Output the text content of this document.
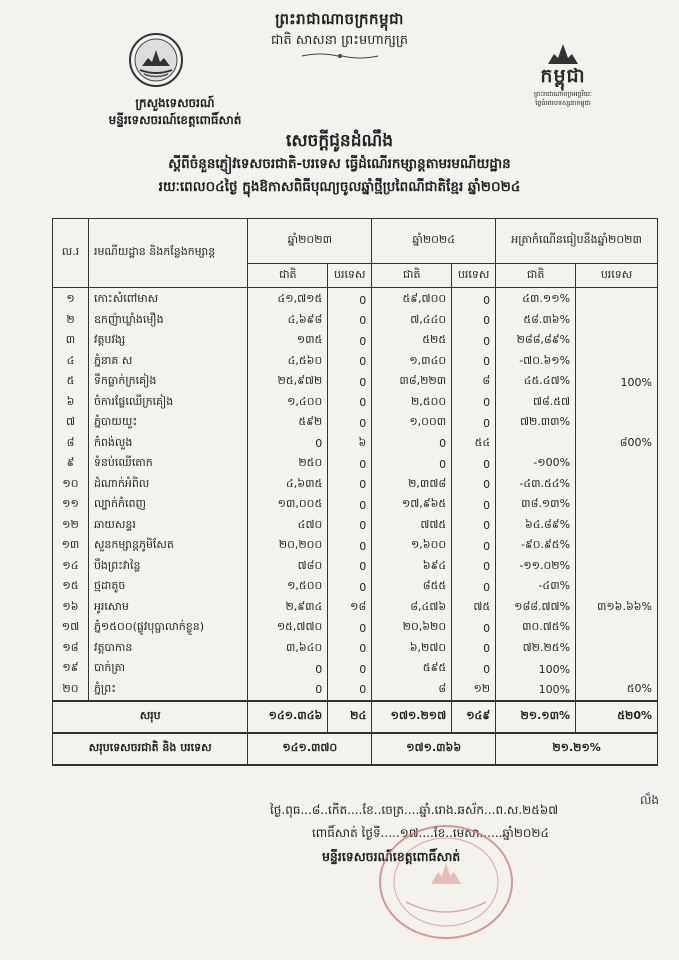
ព្រះរាជាណាចក្រកម្ពុជា
ជាតិ សាសនា ព្រះមហាក្សត្រ
ក្រសួងទេសចរណ៍
មន្ទីរទេសចរណ៍ខេត្តពោធិ៍សាត់
កម្ពុជា
ព្រះរាជាណាចក្រអច្ឆរិយៈ
ថ្លៃធំពេលទស្សនាកម្ពុជា
សេចក្តីជូនដំណឹង
ស្តីពីចំនួនភ្ញៀវទេសចរជាតិ-បរទេស ធ្វើដំណើរកម្សាន្តតាមរមណីយដ្ឋាន
រយៈពេល០៤ថ្ងៃ ក្នុងឱកាសពិធីបុណ្យចូលឆ្នាំថ្មីប្រពៃណីជាតិខ្មែរ ឆ្នាំ២០២៤
ល.រ	រមណីយដ្ឋាន និងកន្លែងកម្សាន្ត	ឆ្នាំ២០២៣		ឆ្នាំ២០២៤		អត្រាកំណើនធៀបនឹងឆ្នាំ២០២៣	
		ជាតិ	បរទេស	ជាតិ	បរទេស	ជាតិ	បរទេស
១	កោះសំពៅមាស	៤១,៧១៥	0	៥៩,៧០០	0	៤៣.១១%	
២	ឧកញ៉ាឃ្លាំងមឿង	៤,៦៩៨	0	៧,៤៤០	0	៥៨.៣៦%	
៣	វត្តបវង្ស	១៣៥	0	៥២៥	0	២៨៨,៨៩%	
៤	ភ្នំនាគ ស	៤,៥៦០	0	១,៣៤០	0	-៧០.៦១%	
៥	ទឹកធ្លាក់ក្រគៀង	២៥,៩៧២	0	៣៨,២២៣	៨	៤៥.៤៧%	100%
៦	ចំការផ្លែឈើក្រគៀង	១,៤០០	0	២,៥០០	0	៧៨.៥៧	
៧	ភ្នំបាយយួះ	៥៩២	0	១,០០៣	0	៧២.៣៣%	
៨	កំពង់លួង	0	៦	0	៥៤		៨00%
៩	ទំនប់ឈើតោក	២៥០	0	0	0	-១00%	
១០	ដំណាក់អំពិល	៤,៦៣៥	0	២,៣៧៨	0	-៤៣.៥៤%	
១១	ល្បាក់កំពេញ	១៣,០០៥	0	១៧,៩៦៥	0	៣៨.១៣%	
១២	ឆាយសន្ទរ	៤៧០	0	៧៧៥	0	៦៤.៨៩%	
១៣	សួនកម្សាន្តភូមិសែត	២០,២០០	0	១,៦០០	0	-៩០.៩៥%	
១៤	បឹងព្រះវាន្លៃ	៧៨០	0	៦៩៤	0	-១១.០២%	
១៥	ថ្មដាតូច	១,៥០០	0	៨៥៥	0	-៤៣%	
១៦	អូរសោម	២,៩៣៤	១៨	៨,៤៧៦	៧៥	១៨៨.៧៧%	៣១៦.៦៦%
១៧	ភ្នំ១៥០០(ផ្លូវបុប្ផាលាក់ខ្លួន)	១៥,៧៧០	0	២០,៦២០	0	៣០.៧៥%	
១៨	វត្តបាកាន	៣,៦៤០	0	៦,២៧០	0	៧២.២៥%	
១៩	បាក់ត្រា	0	0	៥៩៥	0	100%	
២០	ភ្នំព្រះ	0	0	៨	១២	100%	៥0%
សរុប		១៤១.៣៤៦	២៤	១៧១.២១៧	១៤៩	២១.១៣%	៥២0%
សរុបទេសចរជាតិ និង បរទេស		១៤១.៣៧០		១៧១.៣៦៦		២១.២១%	
ល៏ង
ថ្ងៃ.ពុធ...៨..កើត....ខែ..ចេត្រ....ឆ្នាំ.រោង.ឆស័ក...ព.ស.២៥៦៧
ពោធិ៍សាត់ ថ្ងៃទី.....១៧....ខែ..មេសា......ឆ្នាំ២០២៤
មន្ទីរទេសចរណ៍ខេត្តពោធិ៍សាត់
